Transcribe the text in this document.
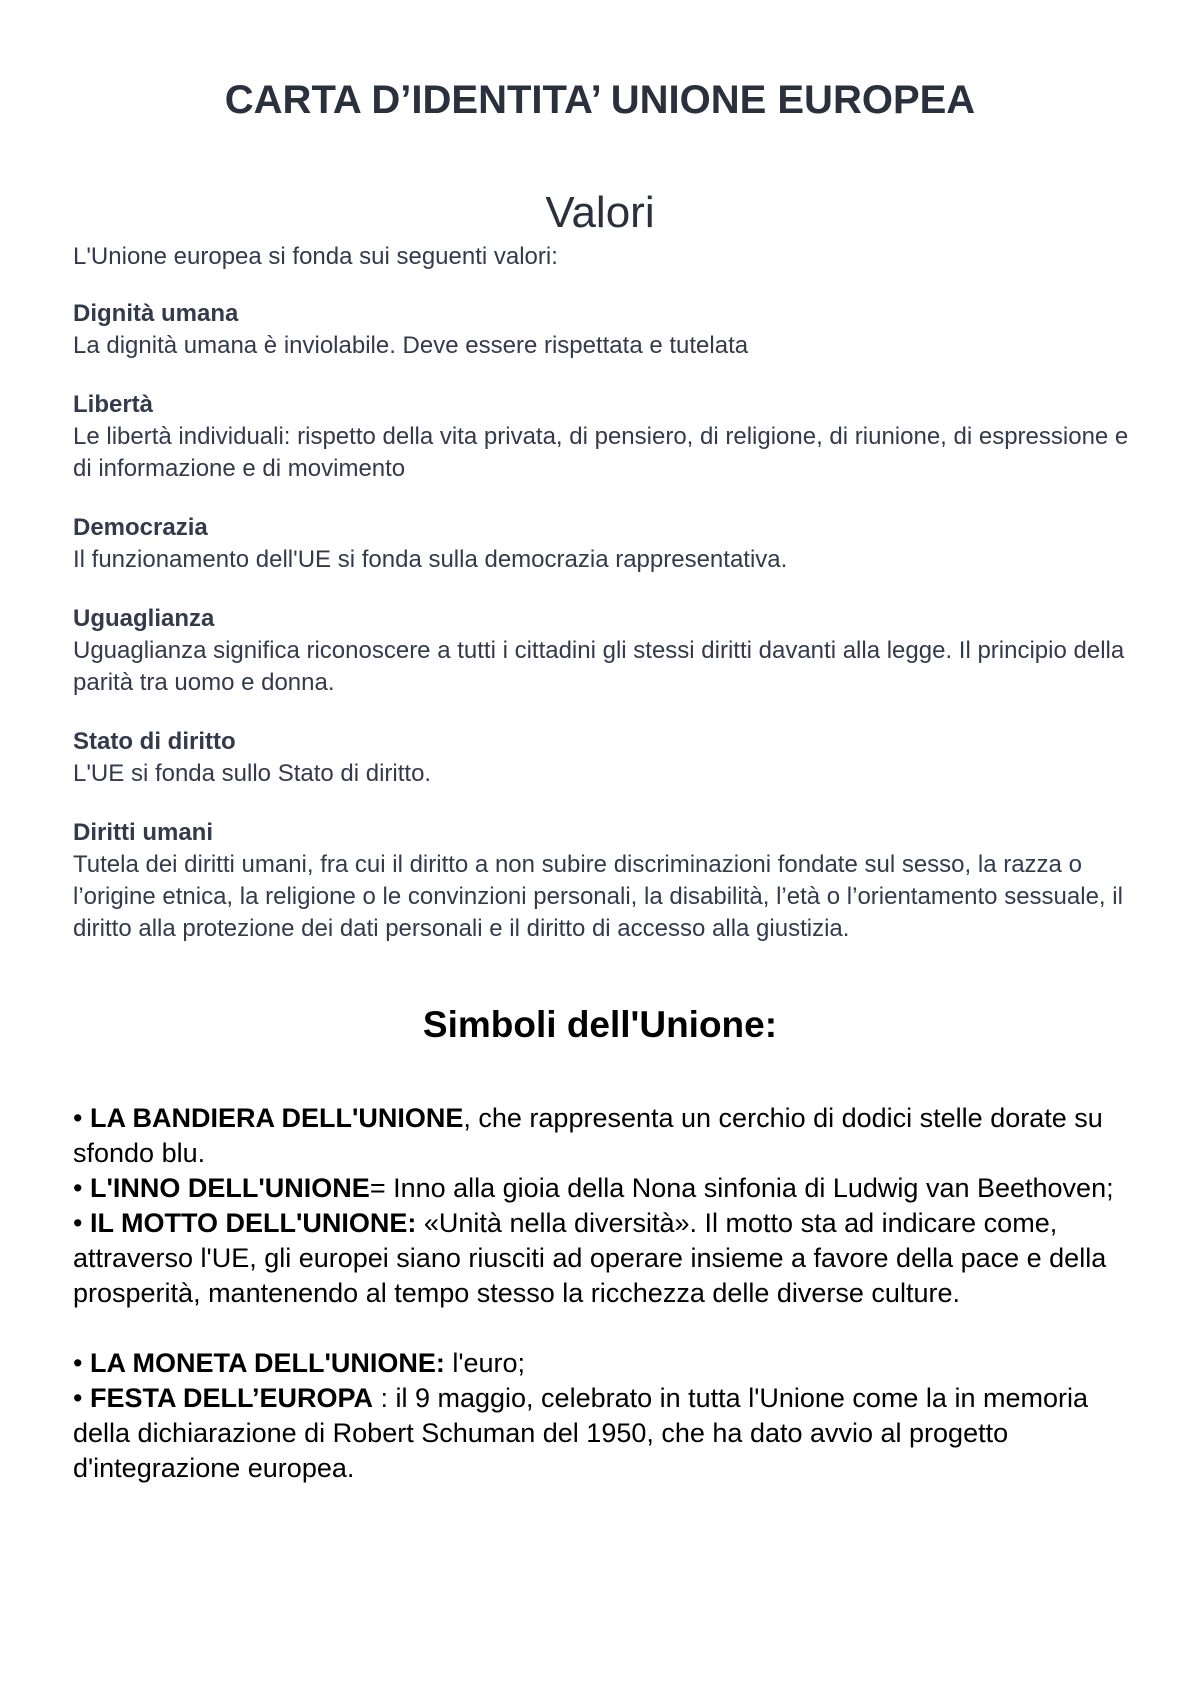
CARTA D’IDENTITA’ UNIONE EUROPEA
Valori

L'Unione europea si fonda sui seguenti valori:

Dignità umana
La dignità umana è inviolabile. Deve essere rispettata e tutelata
Libertà
Le libertà individuali: rispetto della vita privata, di pensiero, di religione, di riunione, di espressione e di informazione e di movimento
Democrazia
Il funzionamento dell'UE si fonda sulla democrazia rappresentativa.
Uguaglianza
Uguaglianza significa riconoscere a tutti i cittadini gli stessi diritti davanti alla legge. Il principio della parità tra uomo e donna.
Stato di diritto
L'UE si fonda sullo Stato di diritto.
Diritti umani
Tutela dei diritti umani, fra cui il diritto a non subire discriminazioni fondate sul sesso, la razza o l’origine etnica, la religione o le convinzioni personali, la disabilità, l’età o l’orientamento sessuale, il diritto alla protezione dei dati personali e il diritto di accesso alla giustizia.
Simboli dell'Unione:
• LA BANDIERA DELL'UNIONE, che rappresenta un cerchio di dodici stelle dorate su sfondo blu.
• L'INNO DELL'UNIONE= Inno alla gioia della Nona sinfonia di Ludwig van Beethoven;
• IL MOTTO DELL'UNIONE: «Unità nella diversità». Il motto sta ad indicare come, attraverso l'UE, gli europei siano riusciti ad operare insieme a favore della pace e della prosperità, mantenendo al tempo stesso la ricchezza delle diverse culture.
• LA MONETA DELL'UNIONE: l'euro;
• FESTA DELL’EUROPA : il 9 maggio, celebrato in tutta l'Unione come la in memoria della dichiarazione di Robert Schuman del 1950, che ha dato avvio al progetto d'integrazione europea.
